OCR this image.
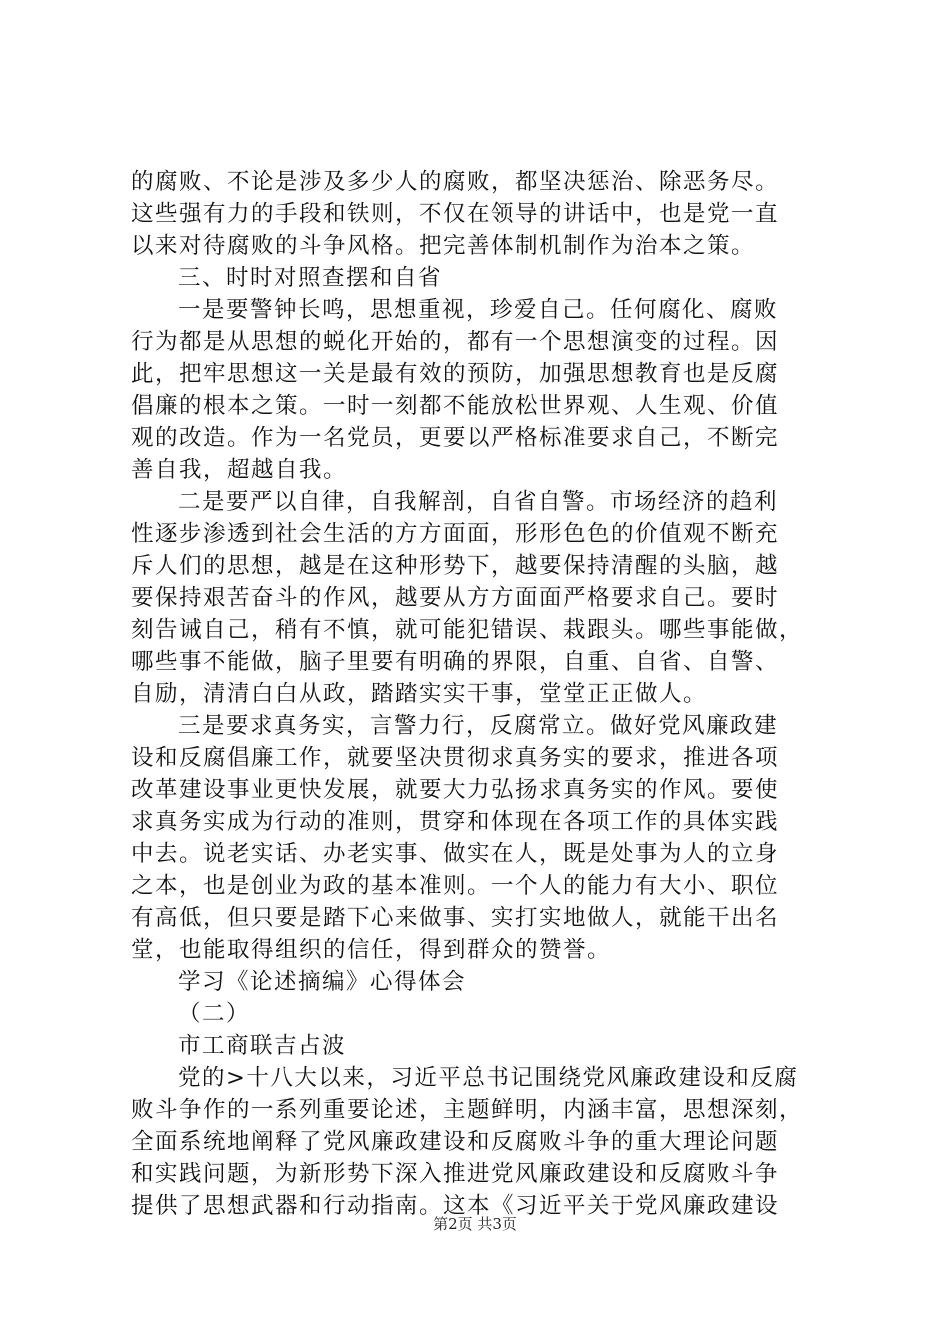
的腐败、不论是涉及多少人的腐败，都坚决惩治、除恶务尽。
这些强有力的手段和铁则，不仅在领导的讲话中，也是党一直
以来对待腐败的斗争风格。把完善体制机制作为治本之策。
三、时时对照查摆和自省
一是要警钟长鸣，思想重视，珍爱自己。任何腐化、腐败
行为都是从思想的蜕化开始的，都有一个思想演变的过程。因
此，把牢思想这一关是最有效的预防，加强思想教育也是反腐
倡廉的根本之策。一时一刻都不能放松世界观、人生观、价值
观的改造。作为一名党员，更要以严格标准要求自己，不断完
善自我，超越自我。
二是要严以自律，自我解剖，自省自警。市场经济的趋利
性逐步渗透到社会生活的方方面面，形形色色的价值观不断充
斥人们的思想，越是在这种形势下，越要保持清醒的头脑，越
要保持艰苦奋斗的作风，越要从方方面面严格要求自己。要时
刻告诫自己，稍有不慎，就可能犯错误、栽跟头。哪些事能做，
哪些事不能做，脑子里要有明确的界限，自重、自省、自警、
自励，清清白白从政，踏踏实实干事，堂堂正正做人。
三是要求真务实，言警力行，反腐常立。做好党风廉政建
设和反腐倡廉工作，就要坚决贯彻求真务实的要求，推进各项
改革建设事业更快发展，就要大力弘扬求真务实的作风。要使
求真务实成为行动的准则，贯穿和体现在各项工作的具体实践
中去。说老实话、办老实事、做实在人，既是处事为人的立身
之本，也是创业为政的基本准则。一个人的能力有大小、职位
有高低，但只要是踏下心来做事、实打实地做人，就能干出名
堂，也能取得组织的信任，得到群众的赞誉。
学习《论述摘编》心得体会
（二）
市工商联吉占波
党的>十八大以来，习近平总书记围绕党风廉政建设和反腐
败斗争作的一系列重要论述，主题鲜明，内涵丰富，思想深刻，
全面系统地阐释了党风廉政建设和反腐败斗争的重大理论问题
和实践问题，为新形势下深入推进党风廉政建设和反腐败斗争
提供了思想武器和行动指南。这本《习近平关于党风廉政建设
第2页 共3页
